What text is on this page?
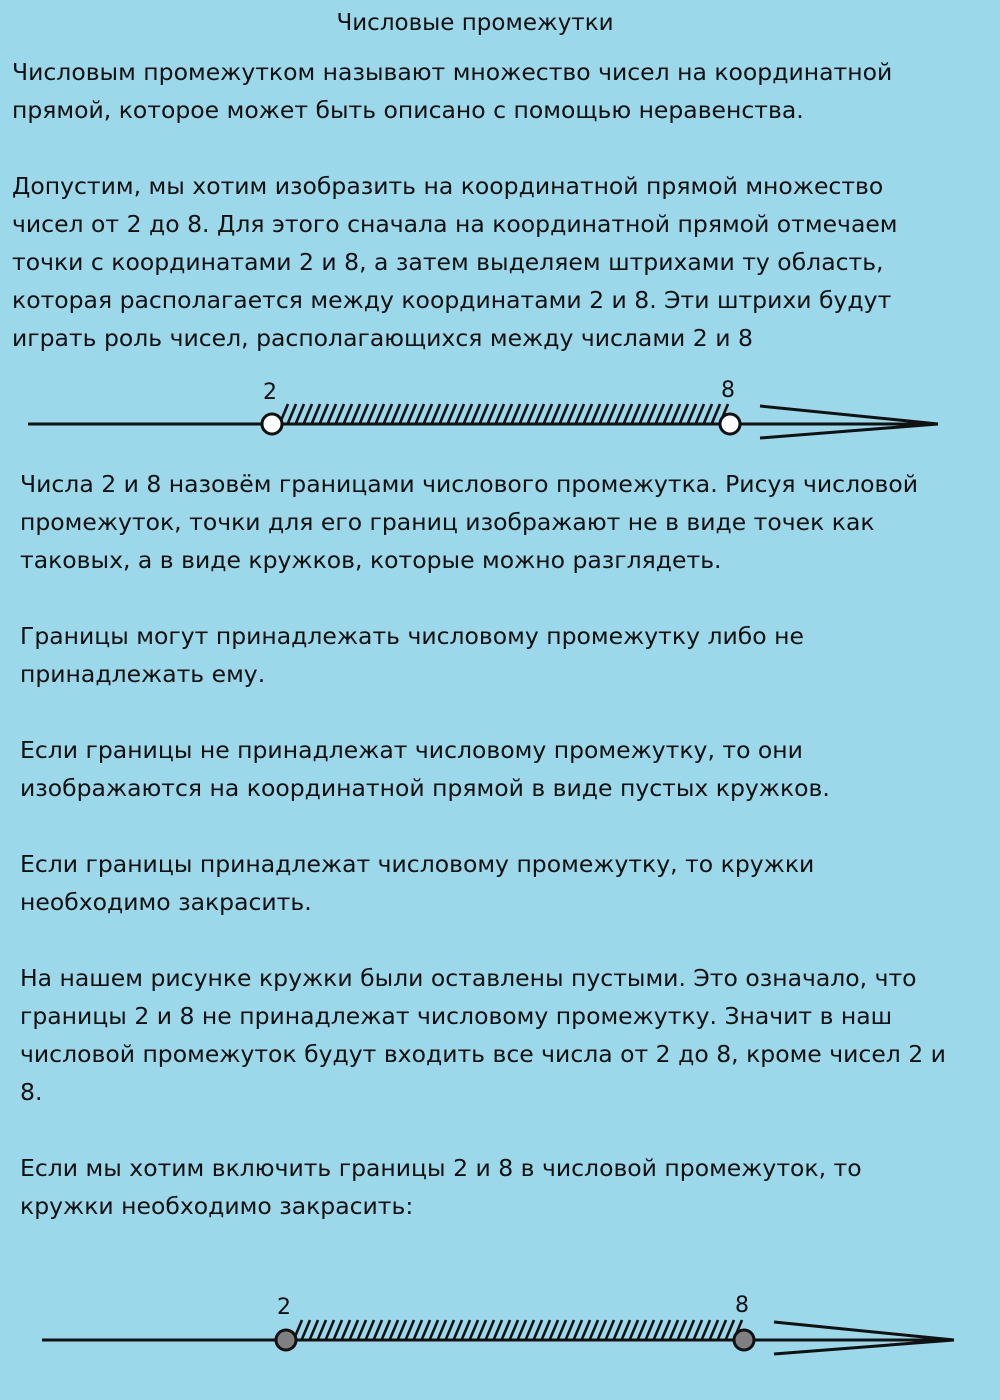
Числовые промежутки

Числовым промежутком называют множество чисел на координатной
прямой, которое может быть описано с помощью неравенства.

Допустим, мы хотим изобразить на координатной прямой множество
чисел от 2 до 8. Для этого сначала на координатной прямой отмечаем
точки с координатами 2 и 8, а затем выделяем штрихами ту область,
которая располагается между координатами 2 и 8. Эти штрихи будут
играть роль чисел, располагающихся между числами 2 и 8

2	8

Числа 2 и 8 назовём границами числового промежутка. Рисуя числовой
промежуток, точки для его границ изображают не в виде точек как
таковых, а в виде кружков, которые можно разглядеть.

Границы могут принадлежать числовому промежутку либо не
принадлежать ему.

Если границы не принадлежат числовому промежутку, то они
изображаются на координатной прямой в виде пустых кружков.

Если границы принадлежат числовому промежутку, то кружки
необходимо закрасить.

На нашем рисунке кружки были оставлены пустыми. Это означало, что
границы 2 и 8 не принадлежат числовому промежутку. Значит в наш
числовой промежуток будут входить все числа от 2 до 8, кроме чисел 2 и
8.

Если мы хотим включить границы 2 и 8 в числовой промежуток, то
кружки необходимо закрасить:

2	8
